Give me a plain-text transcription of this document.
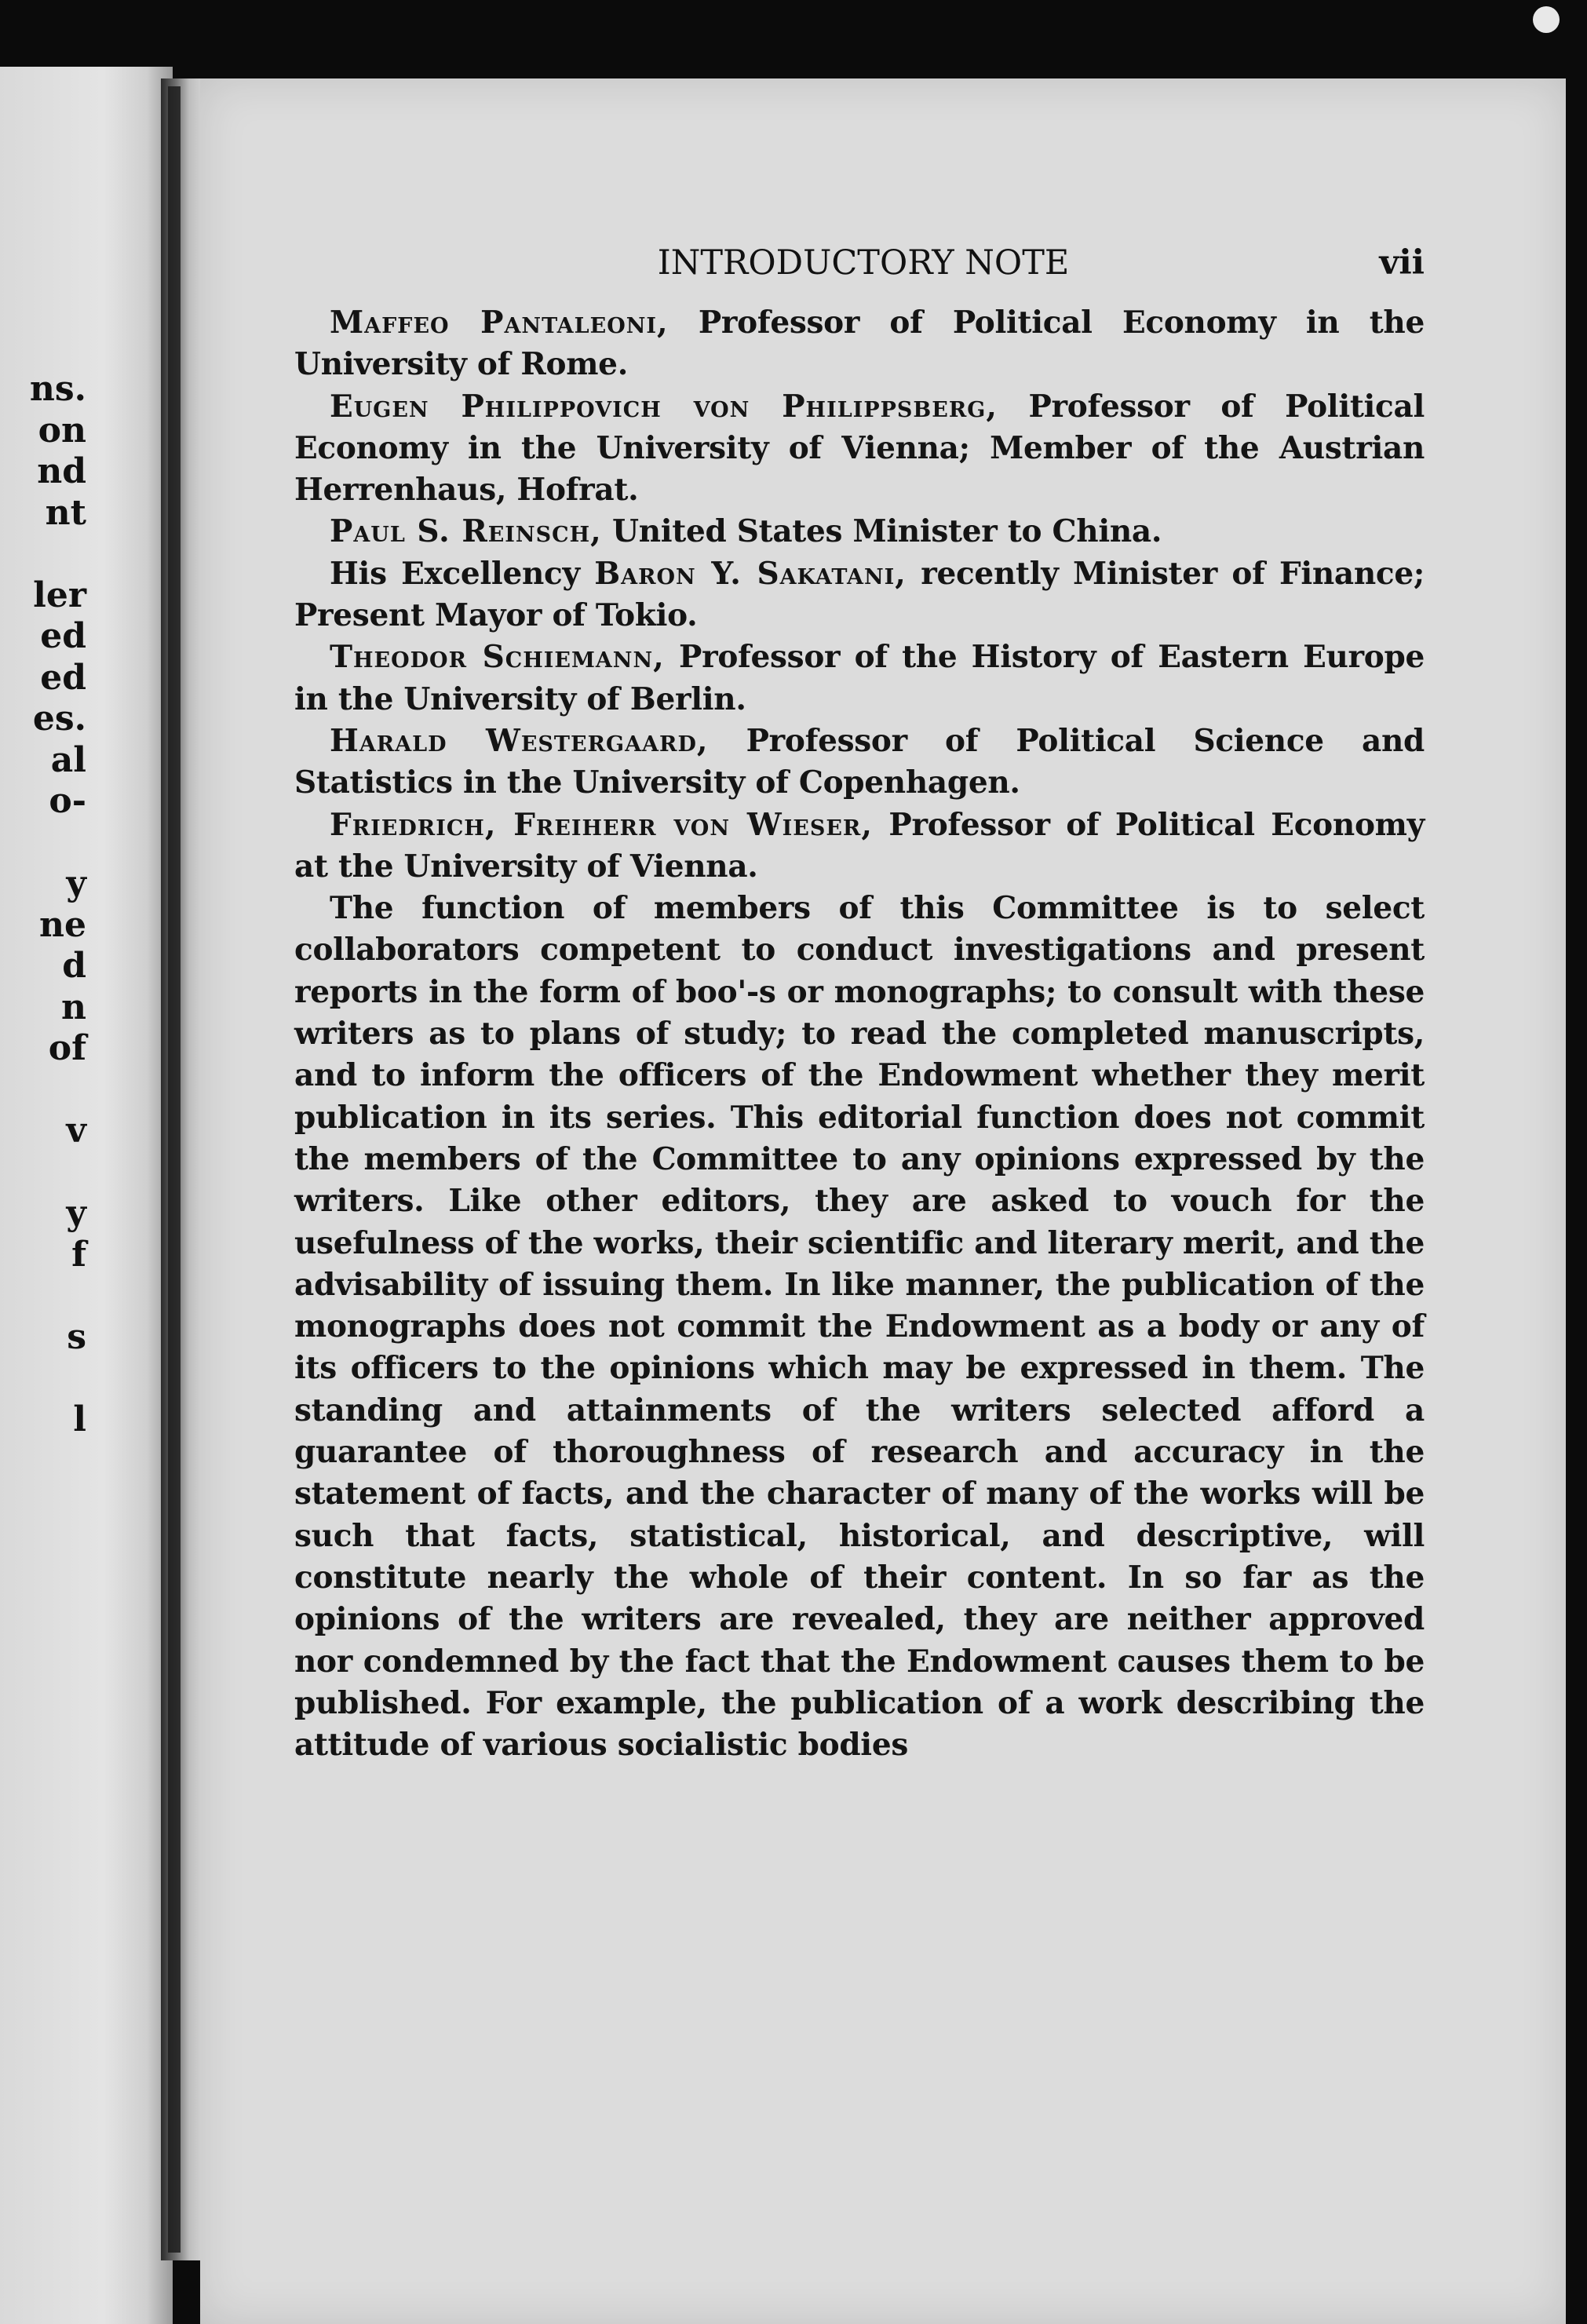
ns.
on
nd
nt
ler
ed
ed
es.
al
o-
y
ne
d
n
of
v
y
f
s
l
INTRODUCTORY NOTE	vii

Maffeo Pantaleoni, Professor of Political Economy in the University of Rome.

Eugen Philippovich von Philippsberg, Professor of Political Economy in the University of Vienna; Member of the Austrian Herrenhaus, Hofrat.

Paul S. Reinsch, United States Minister to China.

His Excellency Baron Y. Sakatani, recently Minister of Finance; Present Mayor of Tokio.

Theodor Schiemann, Professor of the History of Eastern Europe in the University of Berlin.

Harald Westergaard, Professor of Political Science and Statistics in the University of Copenhagen.

Friedrich, Freiherr von Wieser, Professor of Political Economy at the University of Vienna.

The function of members of this Committee is to select collaborators competent to conduct investigations and present reports in the form of boo'-s or monographs; to consult with these writers as to plans of study; to read the completed manuscripts, and to inform the officers of the Endowment whether they merit publication in its series. This editorial function does not commit the members of the Committee to any opinions expressed by the writers. Like other editors, they are asked to vouch for the usefulness of the works, their scientific and literary merit, and the advisability of issuing them. In like manner, the publication of the monographs does not commit the Endowment as a body or any of its officers to the opinions which may be expressed in them. The standing and attainments of the writers selected afford a guarantee of thoroughness of research and accuracy in the statement of facts, and the character of many of the works will be such that facts, statistical, historical, and descriptive, will constitute nearly the whole of their content. In so far as the opinions of the writers are revealed, they are neither approved nor condemned by the fact that the Endowment causes them to be published. For example, the publication of a work describing the attitude of various socialistic bodies
